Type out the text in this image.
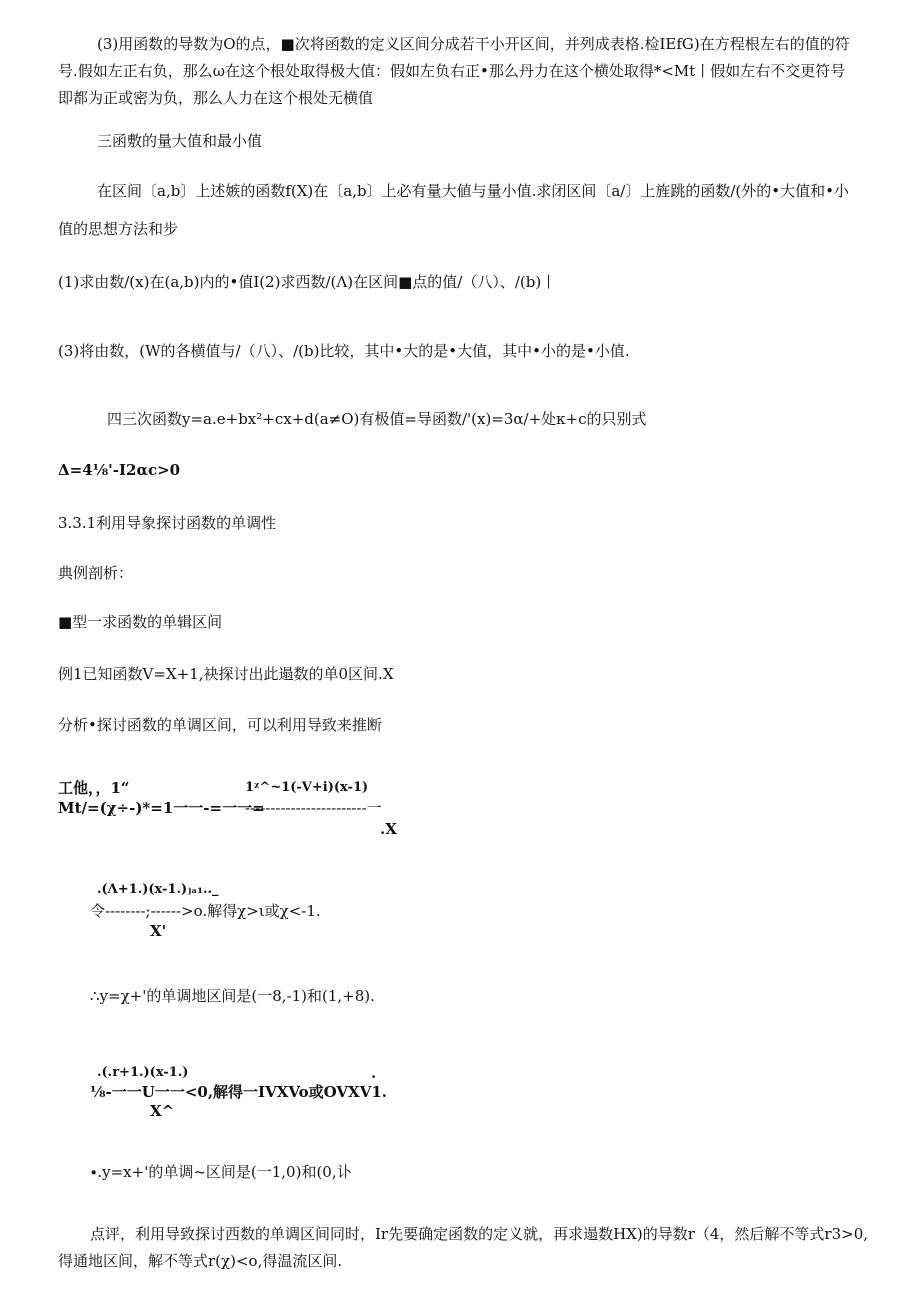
(3)用函数的导数为O的点，■次将函数的定义区间分成若干小开区间，并列成表格.检IEfG)在方程根左右的值的符
号.假如左正右负，那么ω在这个根处取得极大值：假如左负右正•那么丹力在这个横处取得*<Mt丨假如左右不交更符号
即都为正或密为负，那么人力在这个根处无横值
三函敷的量大值和最小值
在区间〔a,b〕上述嫉的函数f(X)在〔a,b〕上必有量大値与量小值.求闭区间〔a/〕上旌跳的函数/(外的•大值和•小
值的思想方法和步
(1)求由数/(x)在(a,b)内的•值I(2)求西数/(Λ)在区间■点的值/（八）、/(b)丨
(3)将由数，(W的各横值与/（八）、/(b)比较，其中•大的是•大值，其中•小的是•小值.
四三次函数y=a.e+bx²+cx+d(a≠O)有极值=导函数/'(x)=3α/+处κ+c的只别式
Δ=4⅛'-I2αc>0
3.3.1利用导象探讨函数的单调性
典例剖析：
■型一求函数的单辑区间
例1已知函数V=X+1,袂探讨出此遢数的单0区间.X
分析•探讨函数的单调区间，可以利用导致来推断
工他，，1“	1ᵡ^~1(-V+i)(x-1)
Mt/=(χ÷-)*=1一一-=一一=
------------------------一
.X
.(Λ+1.)(x-1.)ⱼₐ₁.._
令--------;------>o.解得χ>ι或χ<-1.
X'
∴y=χ+'的单调地区间是(一8,-1)和(1,+8).
.(.r+1.)(x-1.)	.
⅛-一一U一一<0,解得一IVXVo或OVXV1.
X^
∙.y=x+'的单调~区间是(一1,0)和(0,讣
点评，利用导致探讨西数的单调区间同时，Ir先要确定函数的定义就，再求遢数HX)的导数r（4，然后解不等式r3>0,
得通地区间，解不等式r(χ)<o,得温流区间.
